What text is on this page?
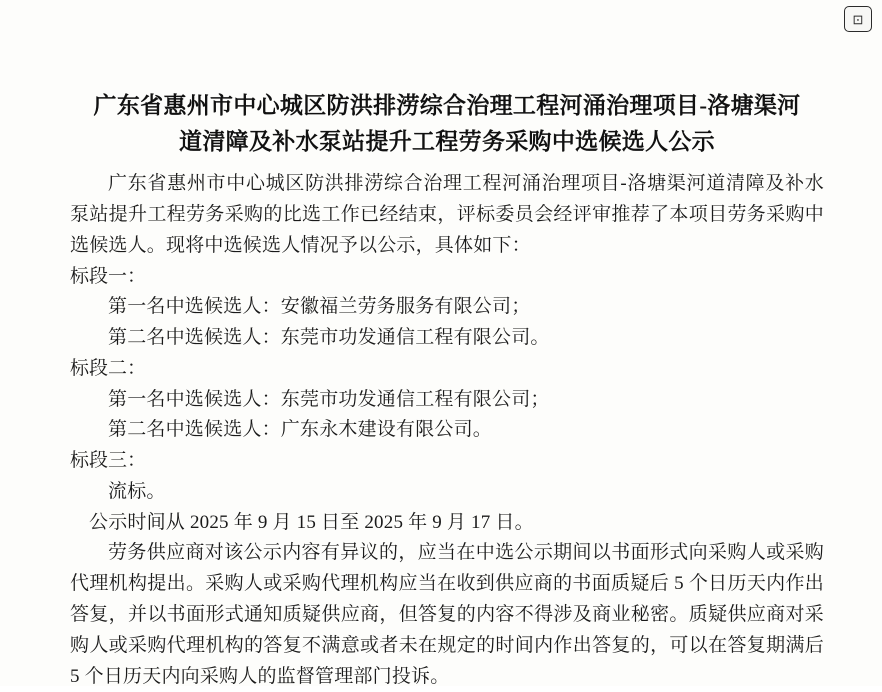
⊡
广东省惠州市中心城区防洪排涝综合治理工程河涌治理项目-洛塘渠河
道清障及补水泵站提升工程劳务采购中选候选人公示

广东省惠州市中心城区防洪排涝综合治理工程河涌治理项目-洛塘渠河道清障及补水泵站提升工程劳务采购的比选工作已经结束，评标委员会经评审推荐了本项目劳务采购中选候选人。现将中选候选人情况予以公示，具体如下：

标段一：

第一名中选候选人：安徽福兰劳务服务有限公司；

第二名中选候选人：东莞市功发通信工程有限公司。

标段二：

第一名中选候选人：东莞市功发通信工程有限公司；

第二名中选候选人：广东永木建设有限公司。

标段三：

流标。

公示时间从 2025 年 9 月 15 日至 2025 年 9 月 17 日。

劳务供应商对该公示内容有异议的，应当在中选公示期间以书面形式向采购人或采购代理机构提出。采购人或采购代理机构应当在收到供应商的书面质疑后 5 个日历天内作出答复，并以书面形式通知质疑供应商，但答复的内容不得涉及商业秘密。质疑供应商对采购人或采购代理机构的答复不满意或者未在规定的时间内作出答复的，可以在答复期满后 5 个日历天内向采购人的监督管理部门投诉。
